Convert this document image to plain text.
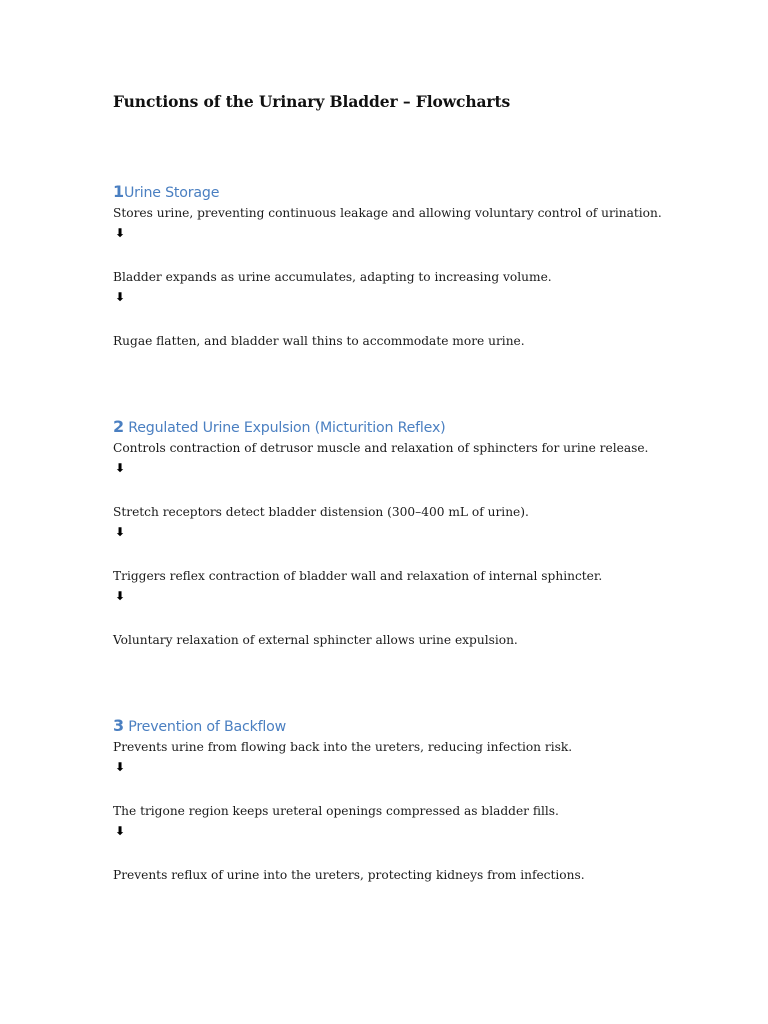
Functions of the Urinary Bladder – Flowcharts
1Urine Storage

Stores urine, preventing continuous leakage and allowing voluntary control of urination.

⬇

Bladder expands as urine accumulates, adapting to increasing volume.

⬇

Rugae flatten, and bladder wall thins to accommodate more urine.

2 Regulated Urine Expulsion (Micturition Reflex)

Controls contraction of detrusor muscle and relaxation of sphincters for urine release.

⬇

Stretch receptors detect bladder distension (300–400 mL of urine).

⬇

Triggers reflex contraction of bladder wall and relaxation of internal sphincter.

⬇

Voluntary relaxation of external sphincter allows urine expulsion.

3 Prevention of Backflow

Prevents urine from flowing back into the ureters, reducing infection risk.

⬇

The trigone region keeps ureteral openings compressed as bladder fills.

⬇

Prevents reflux of urine into the ureters, protecting kidneys from infections.
